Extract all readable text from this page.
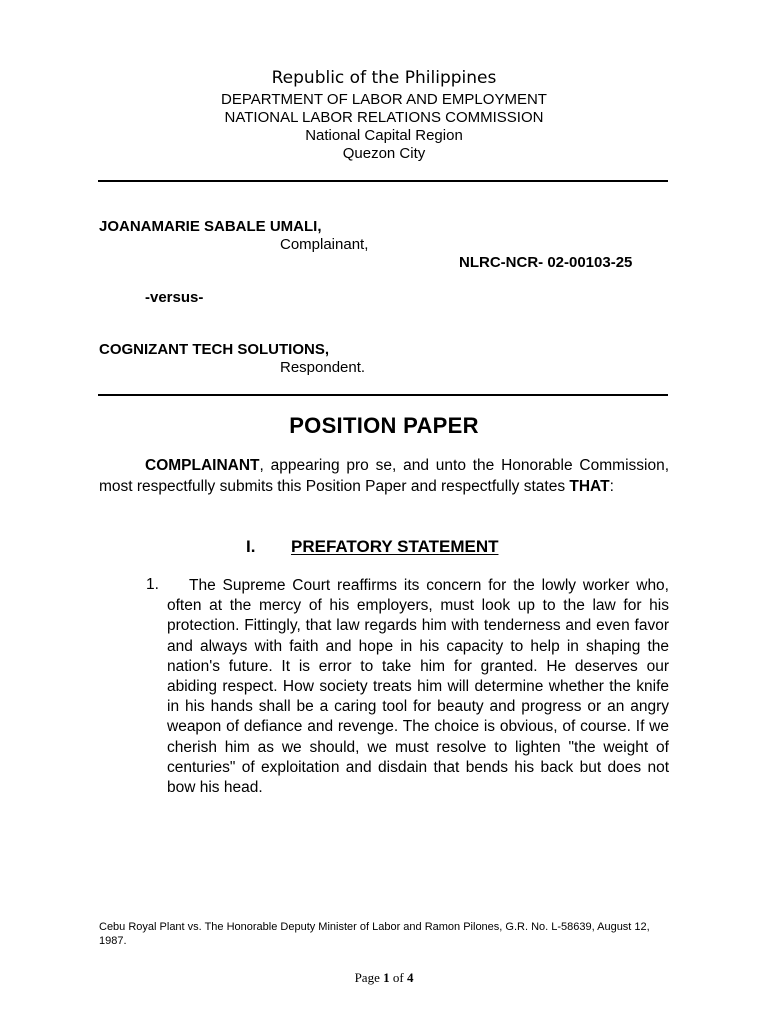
Republic of the Philippines
DEPARTMENT OF LABOR AND EMPLOYMENT
NATIONAL LABOR RELATIONS COMMISSION
National Capital Region
Quezon City
JOANAMARIE SABALE UMALI,
Complainant,
NLRC-NCR- 02-00103-25
-versus-
COGNIZANT TECH SOLUTIONS,
Respondent.
POSITION PAPER
COMPLAINANT, appearing pro se, and unto the Honorable Commission, most respectfully submits this Position Paper and respectfully states THAT:
I. PREFATORY STATEMENT
1.	The Supreme Court reaffirms its concern for the lowly worker who, often at the mercy of his employers, must look up to the law for his protection. Fittingly, that law regards him with tenderness and even favor and always with faith and hope in his capacity to help in shaping the nation's future. It is error to take him for granted. He deserves our abiding respect. How society treats him will determine whether the knife in his hands shall be a caring tool for beauty and progress or an angry weapon of defiance and revenge. The choice is obvious, of course. If we cherish him as we should, we must resolve to lighten "the weight of centuries" of exploitation and disdain that bends his back but does not bow his head.
Cebu Royal Plant vs. The Honorable Deputy Minister of Labor and Ramon Pilones, G.R. No. L-58639, August 12, 1987.
Page 1 of 4
